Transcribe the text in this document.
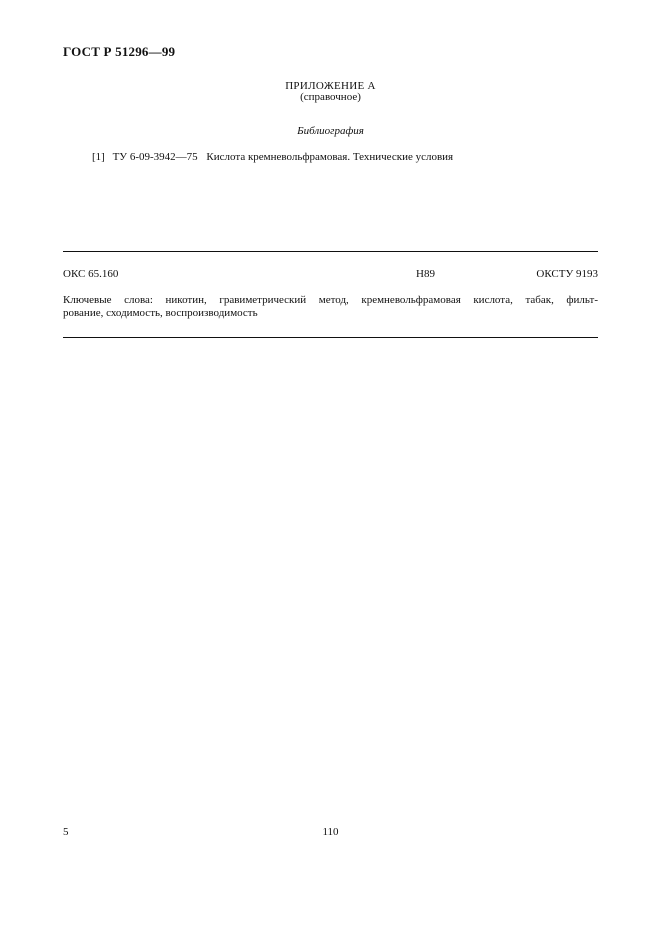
ГОСТ Р 51296—99
ПРИЛОЖЕНИЕ А
(справочное)
Библиография
[1] ТУ 6-09-3942—75 Кислота кремневольфрамовая. Технические условия
ОКС 65.160	Н89	ОКСТУ 9193
Ключевые слова: никотин, гравиметрический метод, кремневольфрамовая кислота, табак, фильт-
рование, сходимость, воспроизводимость
5	110
